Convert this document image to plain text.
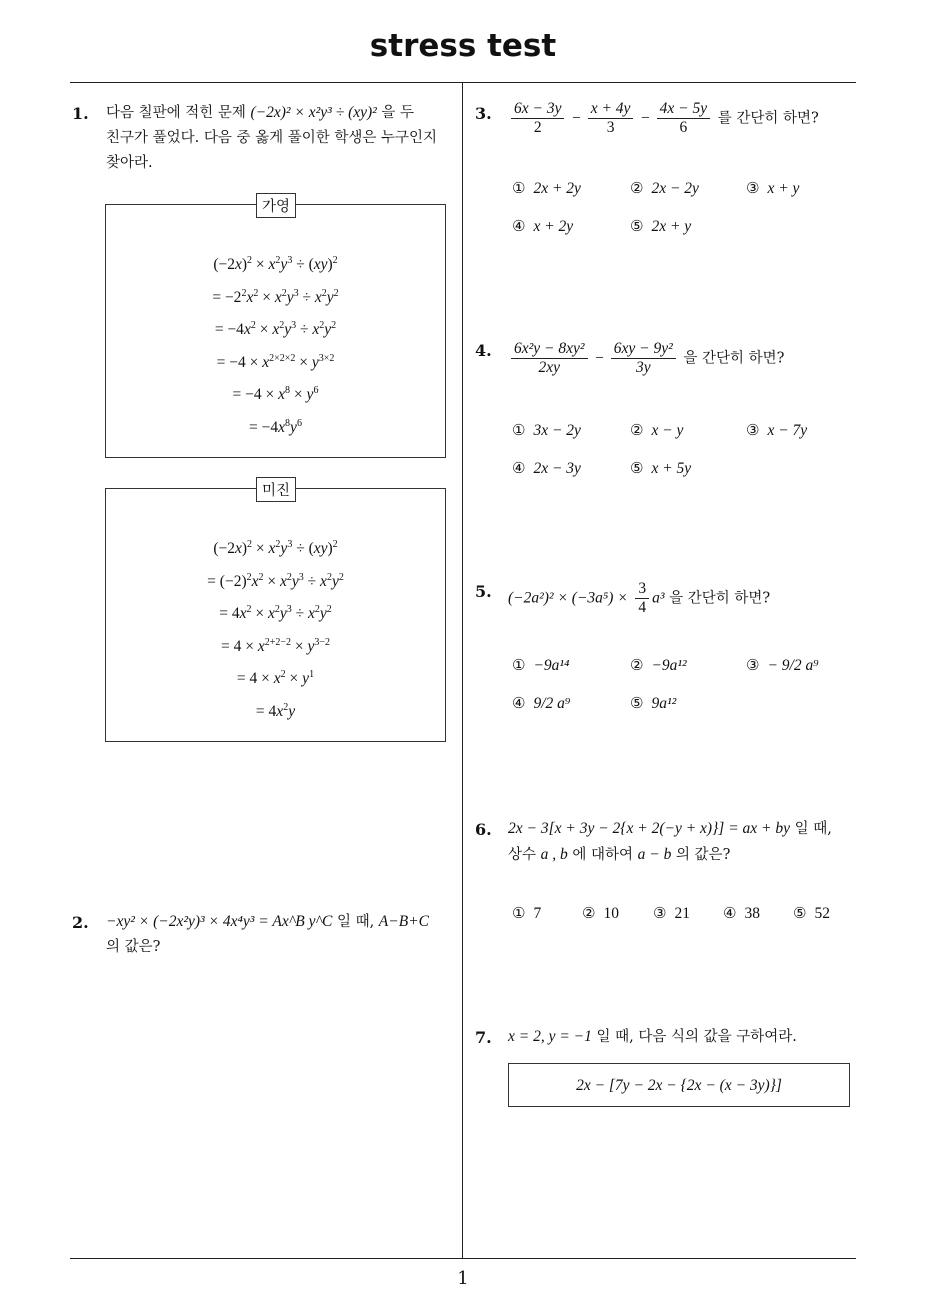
stress test
1
1. 다음 칠판에 적힌 문제 (−2x)² × x²y³ ÷ (xy)² 을 두
친구가 풀었다. 다음 중 옳게 풀이한 학생은 누구인지
찾아라.
$(-2x)^2 \times x^2y^3 \div (xy)^2$
= $-2^2x^2 \times x^2y^3 \div x^2y^2$
= $-4x^2 \times x^2y^3 \div x^2y^2$
= $-4 \times x^{2\times 2\times 2} \times y^{3\times 2}$
= $-4 \times x^8 \times y^6$
= $-4x^8y^6$
가영
$(-2x)^2 \times x^2y^3 \div (xy)^2$
= $(-2)^2x^2 \times x^2y^3 \div x^2y^2$
= $4x^2 \times x^2y^3 \div x^2y^2$
= $4 \times x^{2+2-2} \times y^{3-2}$
= $4 \times x^2 \times y^1$
= $4x^2y$
미진
2. −xy² × (−2x²y)³ × 4x⁴y³ = Ax^B y^C 일 때, A−B+C
의 값은?
3. $\frac{6x - 3y}{2} - \frac{x + 4y}{3} - \frac{4x - 5y}{6}$ 를 간단히 하면?
① 2x + 2y	② 2x − 2y	③ x + y
④ x + 2y	⑤ 2x + y
4. $\frac{\text{6x²y − 8xy²}}{2xy} - \frac{\text{6xy − 9y²}}{3y}$ 을 간단히 하면?
① 3x − 2y	② x − y	③ x − 7y
④ 2x − 3y	⑤ x + 5y
5. $(-2a^2)^2 \times (-3a^5) \times \frac{3}{4} a^3$ 을 간단히 하면?
① −9a¹⁴	② −9a¹²	③ − 9/2 a⁹
④ 9/2 a⁹	⑤ 9a¹²
6. 2x − 3[x + 3y − 2{x + 2(−y + x)}] = ax + by 일 때,
상수 a , b 에 대하여 a − b 의 값은?
① 7	② 10 ③ 21 ④ 38 ⑤ 52
7. x = 2, y = −1 일 때, 다음 식의 값을 구하여라.
2x − [7y − 2x − {2x − (x − 3y)}]
